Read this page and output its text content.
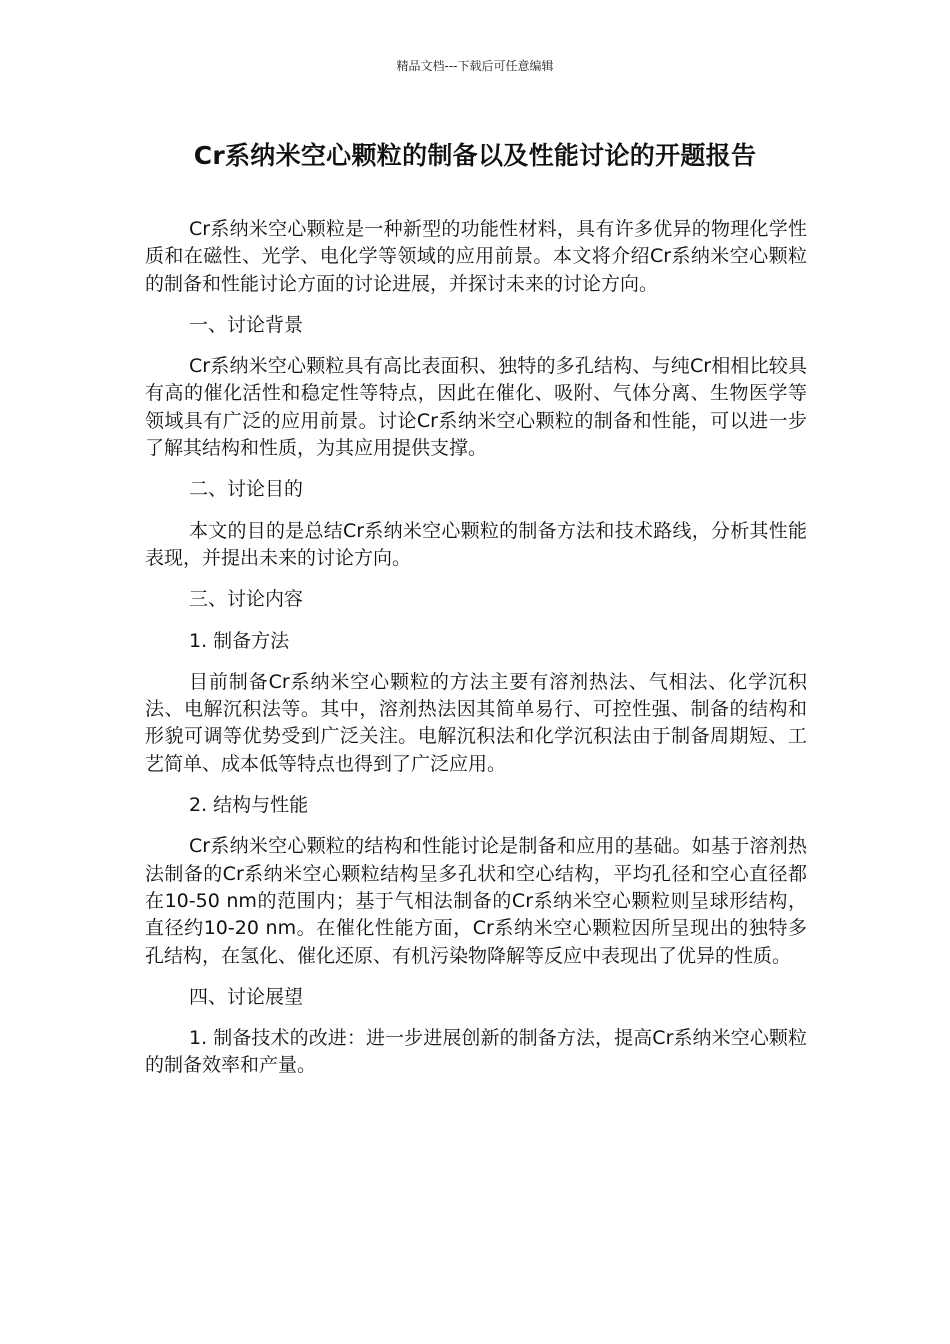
精品文档---下载后可任意编辑
Cr系纳米空心颗粒的制备以及性能讨论的开题报告

Cr系纳米空心颗粒是一种新型的功能性材料，具有许多优异的物理化学性质和在磁性、光学、电化学等领域的应用前景。本文将介绍Cr系纳米空心颗粒的制备和性能讨论方面的讨论进展，并探讨未来的讨论方向。

一、讨论背景

Cr系纳米空心颗粒具有高比表面积、独特的多孔结构、与纯Cr相相比较具有高的催化活性和稳定性等特点，因此在催化、吸附、气体分离、生物医学等领域具有广泛的应用前景。讨论Cr系纳米空心颗粒的制备和性能，可以进一步了解其结构和性质，为其应用提供支撑。

二、讨论目的

本文的目的是总结Cr系纳米空心颗粒的制备方法和技术路线，分析其性能表现，并提出未来的讨论方向。

三、讨论内容

1. 制备方法

目前制备Cr系纳米空心颗粒的方法主要有溶剂热法、气相法、化学沉积法、电解沉积法等。其中，溶剂热法因其简单易行、可控性强、制备的结构和形貌可调等优势受到广泛关注。电解沉积法和化学沉积法由于制备周期短、工艺简单、成本低等特点也得到了广泛应用。

2. 结构与性能

Cr系纳米空心颗粒的结构和性能讨论是制备和应用的基础。如基于溶剂热法制备的Cr系纳米空心颗粒结构呈多孔状和空心结构，平均孔径和空心直径都在10-50 nm的范围内；基于气相法制备的Cr系纳米空心颗粒则呈球形结构，直径约10-20 nm。在催化性能方面，Cr系纳米空心颗粒因所呈现出的独特多孔结构，在氢化、催化还原、有机污染物降解等反应中表现出了优异的性质。

四、讨论展望

1. 制备技术的改进：进一步进展创新的制备方法，提高Cr系纳米空心颗粒的制备效率和产量。
